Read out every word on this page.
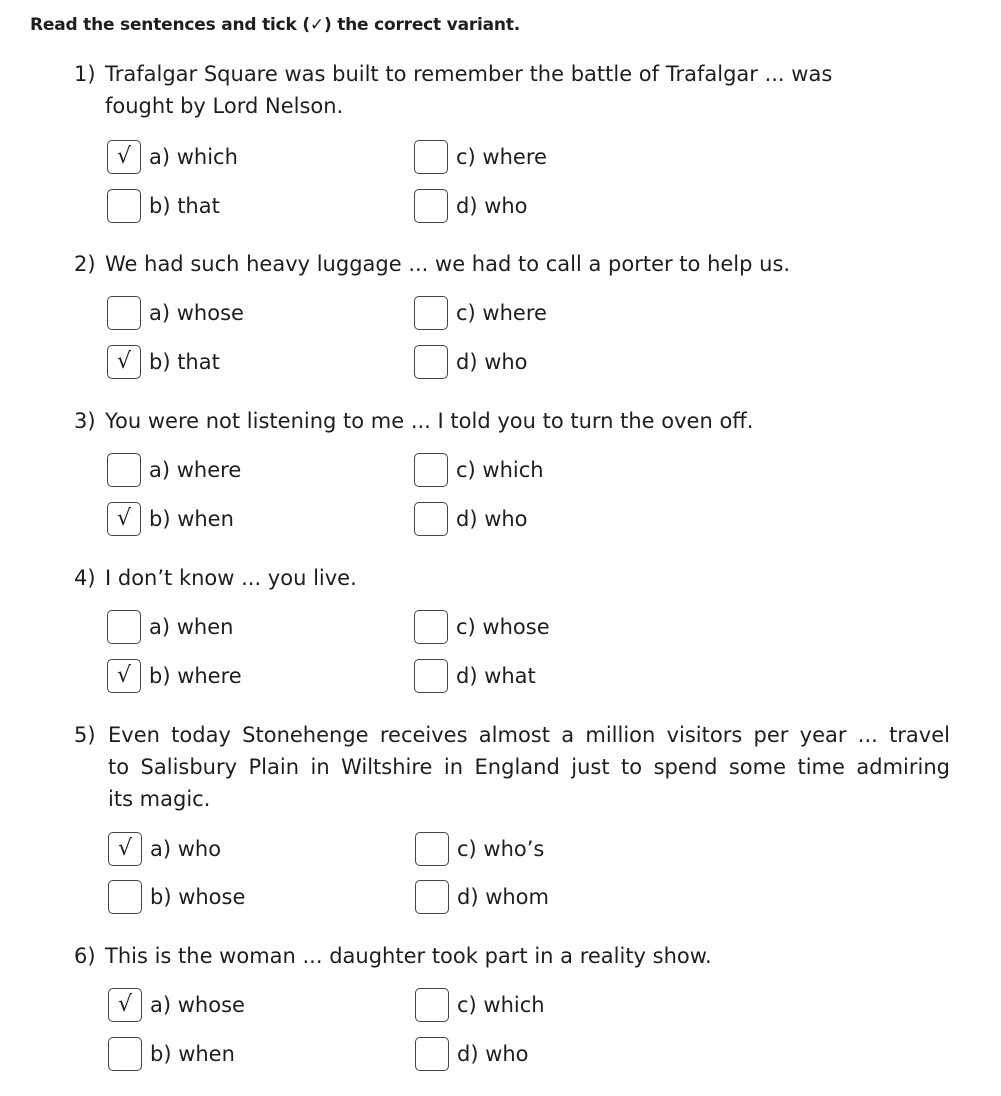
Read the sentences and tick (✓) the correct variant.
1) Trafalgar Square was built to remember the battle of Trafalgar ... was
fought by Lord Nelson.
√ a) which
b) that
c) where
d) who
2) We had such heavy luggage ... we had to call a porter to help us.
a) whose
√ b) that
c) where
d) who
3) You were not listening to me ... I told you to turn the oven off.
a) where
√ b) when
c) which
d) who
4) I don’t know ... you live.
a) when
√ b) where
c) whose
d) what
5) Even today Stonehenge receives almost a million visitors per year ... travel
to Salisbury Plain in Wiltshire in England just to spend some time admiring
its magic.
√ a) who
b) whose
c) who’s
d) whom
6) This is the woman ... daughter took part in a reality show.
√ a) whose
b) when
c) which
d) who
